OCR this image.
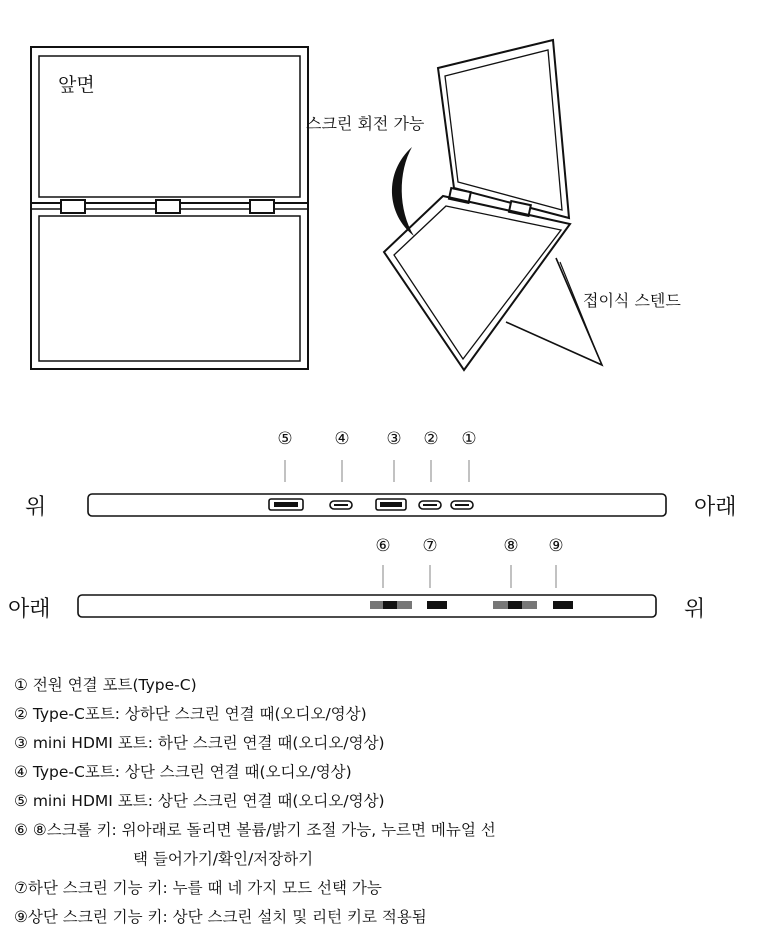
앞면
스크린 회전 가능
접이식 스텐드
위	아래
⑤ ④ ③ ② ①
아래	위
⑥ ⑦	⑧ ⑨
① 전원 연결 포트(Type-C)
② Type-C포트: 상하단 스크린 연결 때(오디오/영상)
③ mini HDMI 포트: 하단 스크린 연결 때(오디오/영상)
④ Type-C포트: 상단 스크린 연결 때(오디오/영상)
⑤ mini HDMI 포트: 상단 스크린 연결 때(오디오/영상)
⑥ ⑧스크롤 키: 위아래로 돌리면 볼륨/밝기 조절 가능, 누르면 메뉴얼 선
택 들어가기/확인/저장하기
⑦하단 스크린 기능 키: 누를 때 네 가지 모드 선택 가능
⑨상단 스크린 기능 키: 상단 스크린 설치 및 리턴 키로 적용됨
